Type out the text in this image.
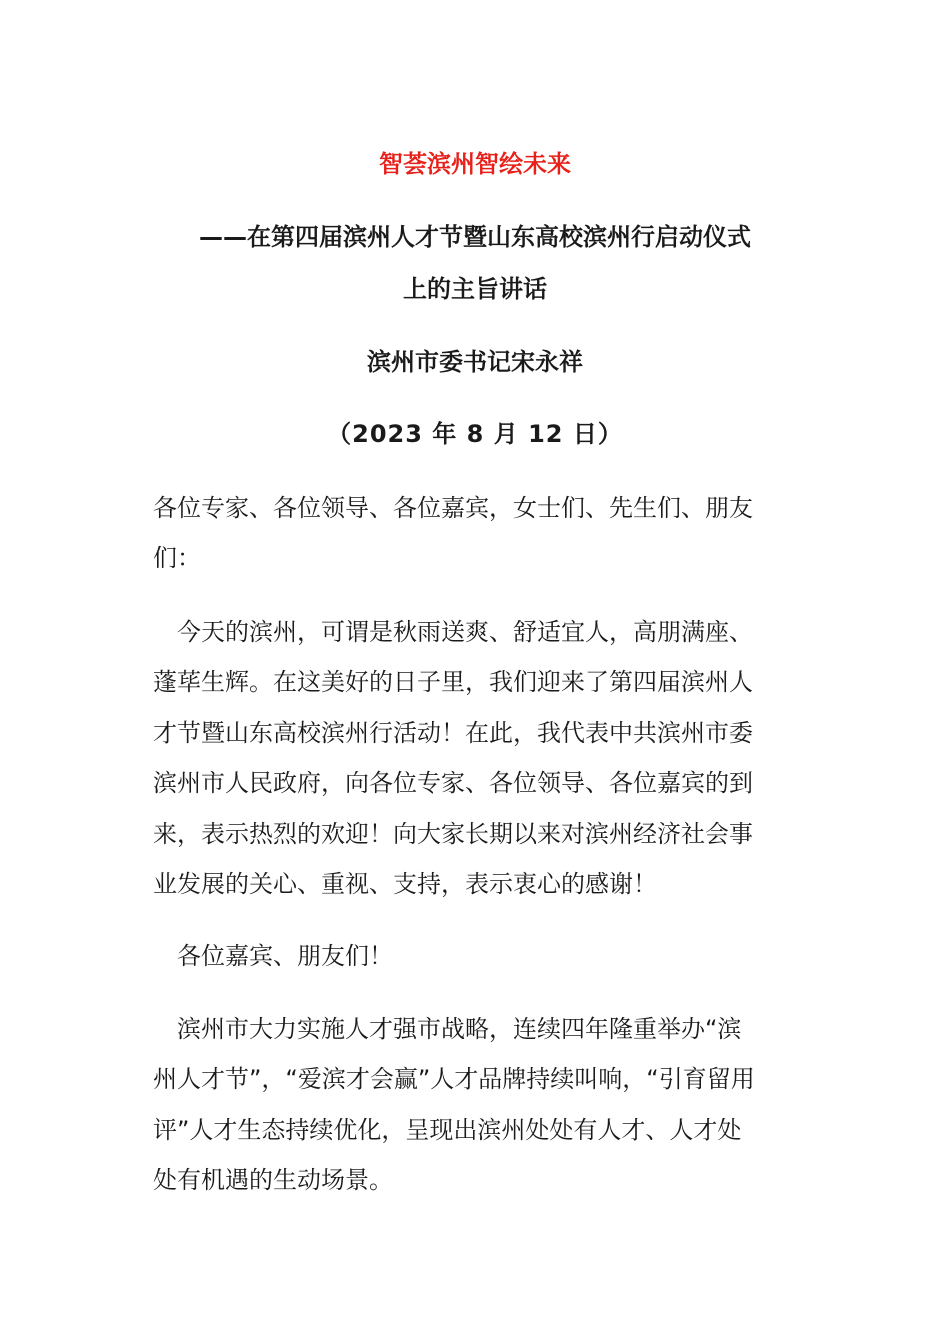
智荟滨州智绘未来
——在第四届滨州人才节暨山东高校滨州行启动仪式
上的主旨讲话
滨州市委书记宋永祥
（2023 年 8 月 12 日）
各位专家、各位领导、各位嘉宾，女士们、先生们、朋友
们：
　今天的滨州，可谓是秋雨送爽、舒适宜人，高朋满座、
蓬荜生辉。在这美好的日子里，我们迎来了第四届滨州人
才节暨山东高校滨州行活动！在此，我代表中共滨州市委
滨州市人民政府，向各位专家、各位领导、各位嘉宾的到
来，表示热烈的欢迎！向大家长期以来对滨州经济社会事
业发展的关心、重视、支持，表示衷心的感谢！
　各位嘉宾、朋友们！
　滨州市大力实施人才强市战略，连续四年隆重举办“滨
州人才节”，“爱滨才会赢”人才品牌持续叫响，“引育留用
评”人才生态持续优化，呈现出滨州处处有人才、人才处
处有机遇的生动场景。
